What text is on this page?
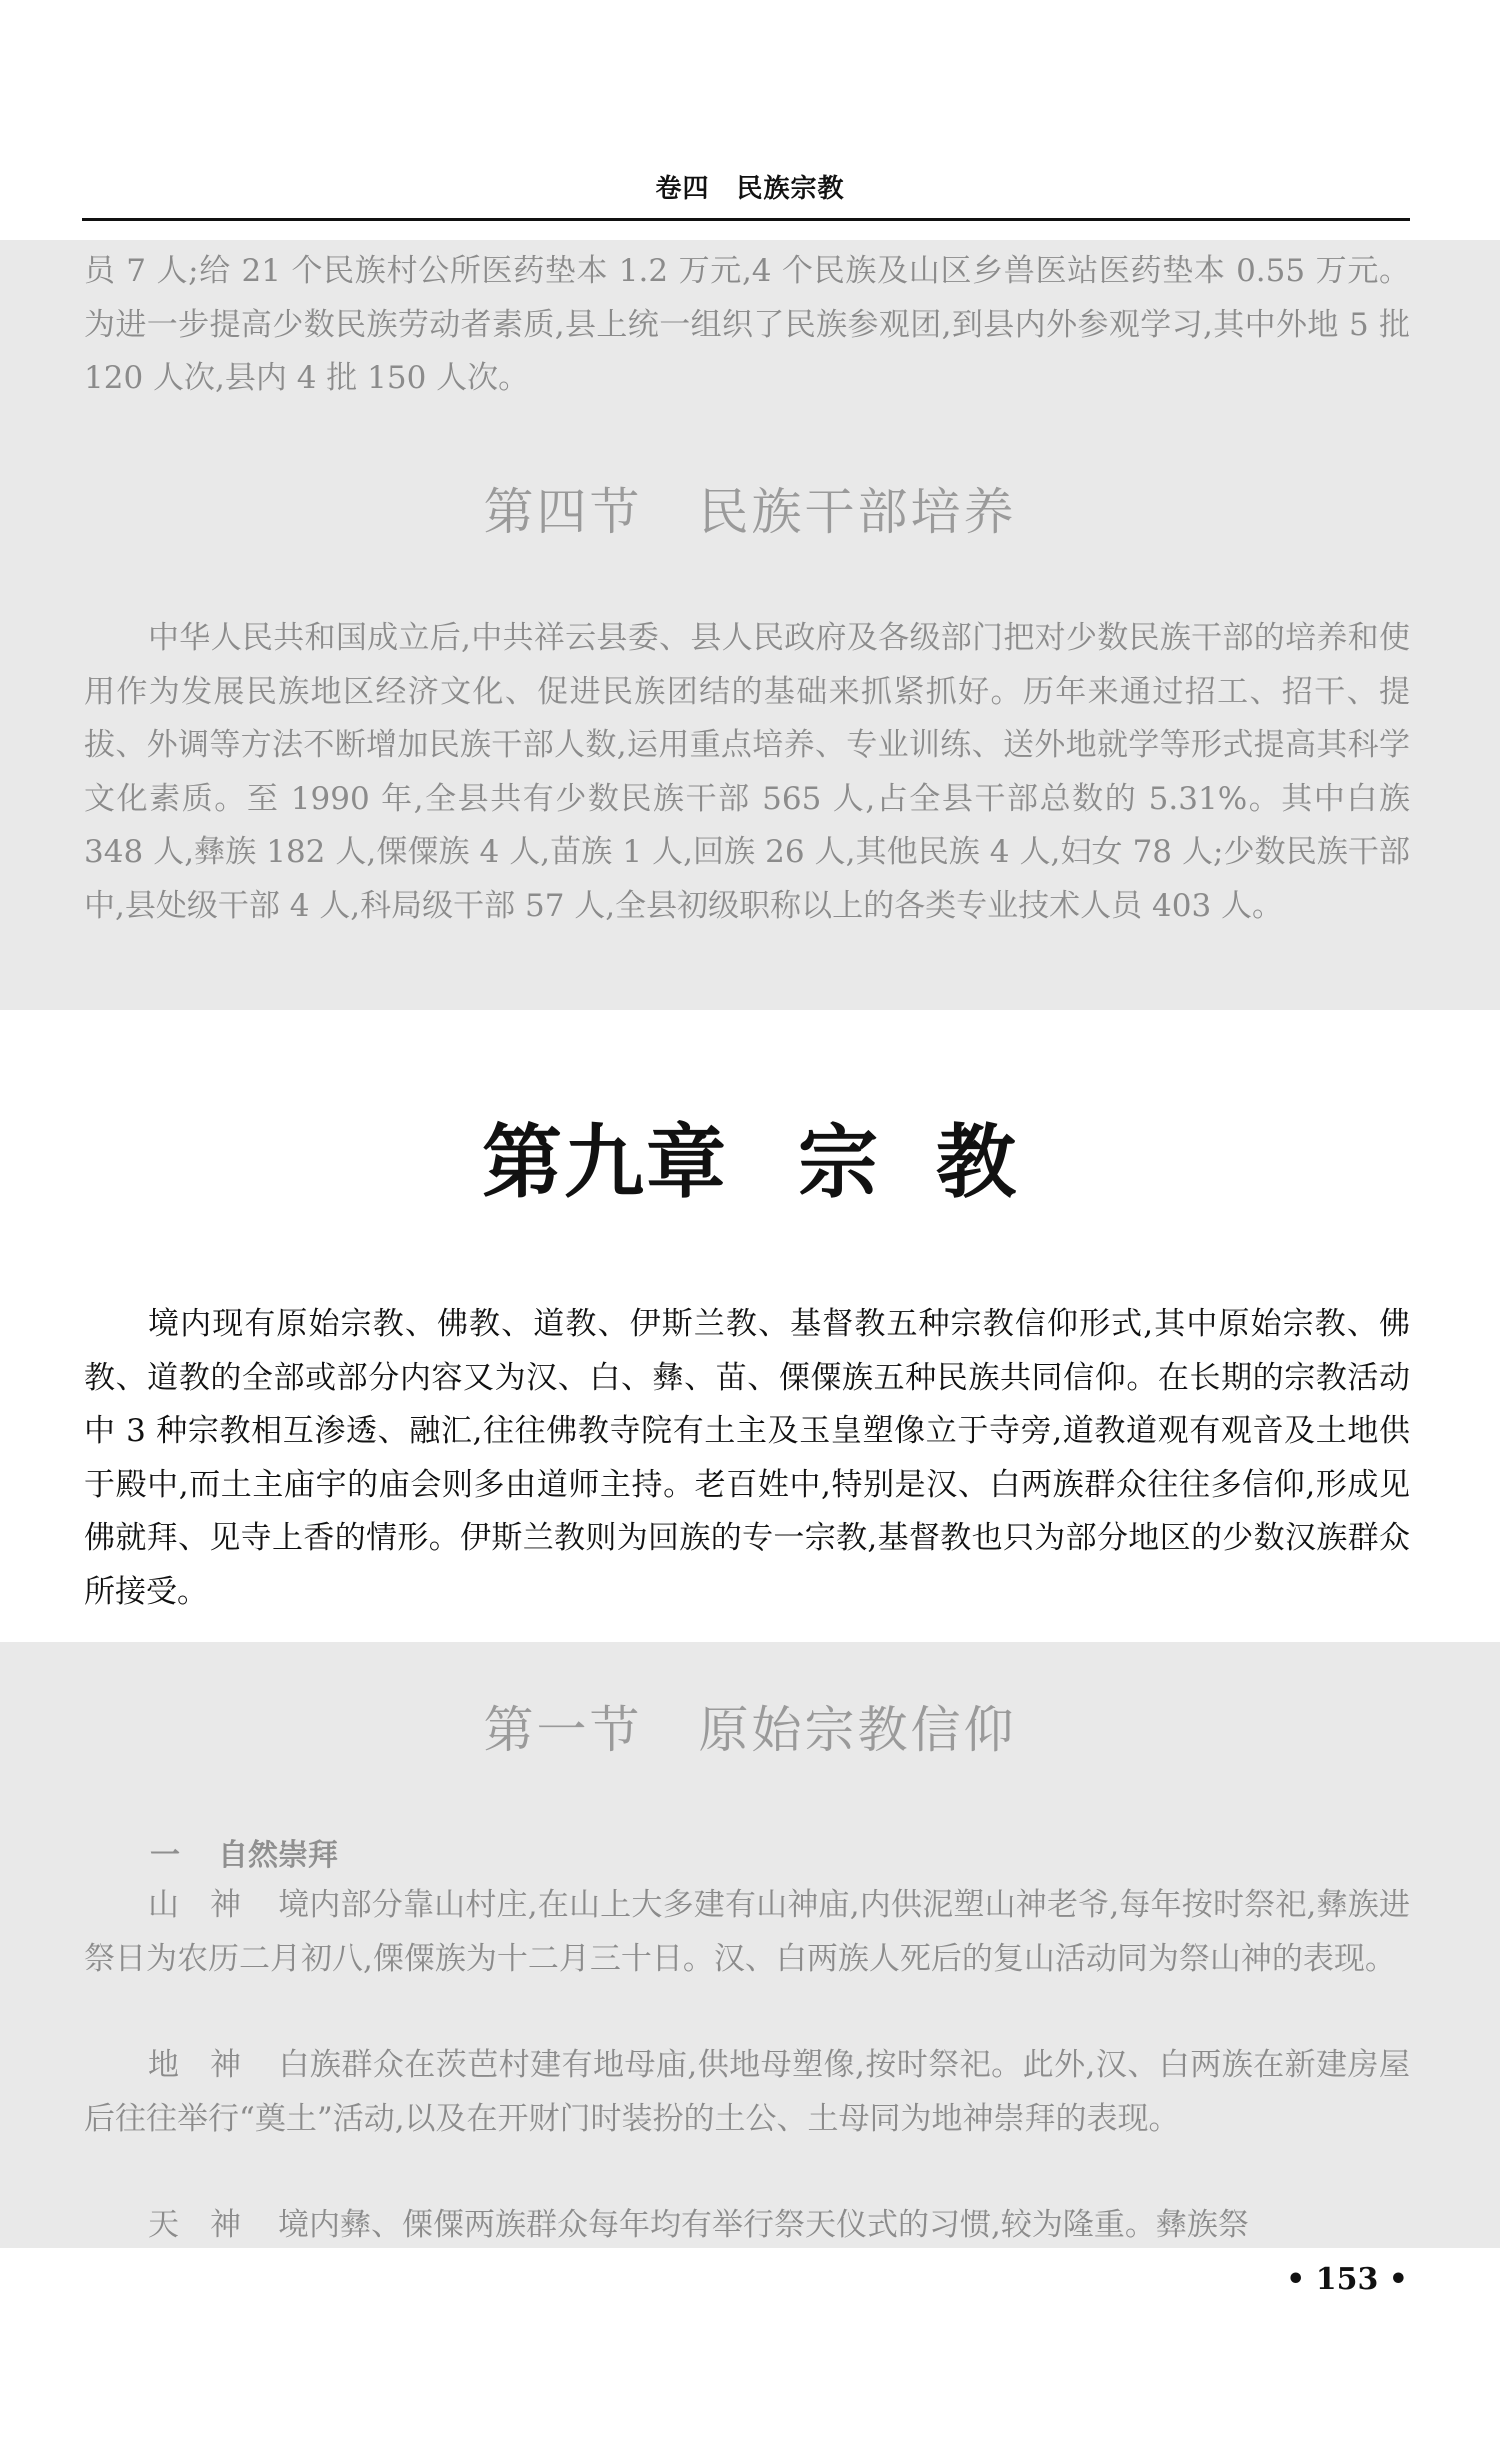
卷四　民族宗教

员 7 人;给 21 个民族村公所医药垫本 1.2 万元,4 个民族及山区乡兽医站医药垫本 0.55 万元。为进一步提高少数民族劳动者素质,县上统一组织了民族参观团,到县内外参观学习,其中外地 5 批 120 人次,县内 4 批 150 人次。

第四节 民族干部培养

中华人民共和国成立后,中共祥云县委、县人民政府及各级部门把对少数民族干部的培养和使用作为发展民族地区经济文化、促进民族团结的基础来抓紧抓好。历年来通过招工、招干、提拔、外调等方法不断增加民族干部人数,运用重点培养、专业训练、送外地就学等形式提高其科学文化素质。至 1990 年,全县共有少数民族干部 565 人,占全县干部总数的 5.31%。其中白族 348 人,彝族 182 人,傈僳族 4 人,苗族 1 人,回族 26 人,其他民族 4 人,妇女 78 人;少数民族干部中,县处级干部 4 人,科局级干部 57 人,全县初级职称以上的各类专业技术人员 403 人。

第九章 宗 教

境内现有原始宗教、佛教、道教、伊斯兰教、基督教五种宗教信仰形式,其中原始宗教、佛教、道教的全部或部分内容又为汉、白、彝、苗、傈僳族五种民族共同信仰。在长期的宗教活动中 3 种宗教相互渗透、融汇,往往佛教寺院有土主及玉皇塑像立于寺旁,道教道观有观音及土地供于殿中,而土主庙宇的庙会则多由道师主持。老百姓中,特别是汉、白两族群众往往多信仰,形成见佛就拜、见寺上香的情形。伊斯兰教则为回族的专一宗教,基督教也只为部分地区的少数汉族群众所接受。

第一节 原始宗教信仰
一 自然崇拜

山　神 境内部分靠山村庄,在山上大多建有山神庙,内供泥塑山神老爷,每年按时祭祀,彝族进祭日为农历二月初八,傈僳族为十二月三十日。汉、白两族人死后的复山活动同为祭山神的表现。

地　神 白族群众在茨芭村建有地母庙,供地母塑像,按时祭祀。此外,汉、白两族在新建房屋后往往举行“奠土”活动,以及在开财门时装扮的土公、土母同为地神崇拜的表现。

天　神 境内彝、傈僳两族群众每年均有举行祭天仪式的习惯,较为隆重。彝族祭

• 153 •
